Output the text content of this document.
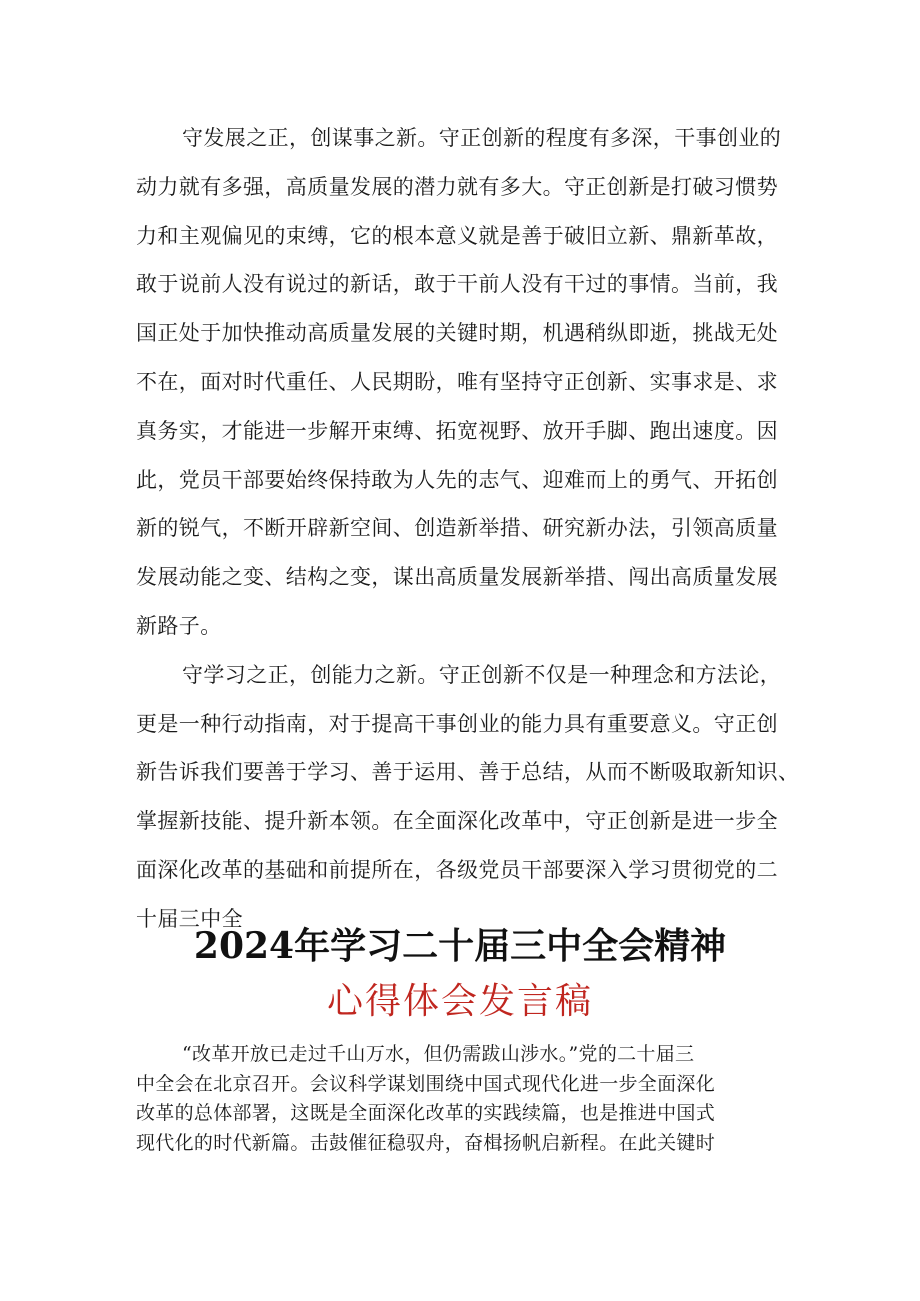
守发展之正，创谋事之新。守正创新的程度有多深，干事创业的
动力就有多强，高质量发展的潜力就有多大。守正创新是打破习惯势
力和主观偏见的束缚，它的根本意义就是善于破旧立新、鼎新革故，
敢于说前人没有说过的新话，敢于干前人没有干过的事情。当前，我
国正处于加快推动高质量发展的关键时期，机遇稍纵即逝，挑战无处
不在，面对时代重任、人民期盼，唯有坚持守正创新、实事求是、求
真务实，才能进一步解开束缚、拓宽视野、放开手脚、跑出速度。因
此，党员干部要始终保持敢为人先的志气、迎难而上的勇气、开拓创
新的锐气，不断开辟新空间、创造新举措、研究新办法，引领高质量
发展动能之变、结构之变，谋出高质量发展新举措、闯出高质量发展
新路子。
守学习之正，创能力之新。守正创新不仅是一种理念和方法论，
更是一种行动指南，对于提高干事创业的能力具有重要意义。守正创
新告诉我们要善于学习、善于运用、善于总结，从而不断吸取新知识、
掌握新技能、提升新本领。在全面深化改革中，守正创新是进一步全
面深化改革的基础和前提所在，各级党员干部要深入学习贯彻党的二
十届三中全
2024年学习二十届三中全会精神
心得体会发言稿
“改革开放已走过千山万水，但仍需跋山涉水。”党的二十届三
中全会在北京召开。会议科学谋划围绕中国式现代化进一步全面深化
改革的总体部署，这既是全面深化改革的实践续篇，也是推进中国式
现代化的时代新篇。击鼓催征稳驭舟，奋楫扬帆启新程。在此关键时
